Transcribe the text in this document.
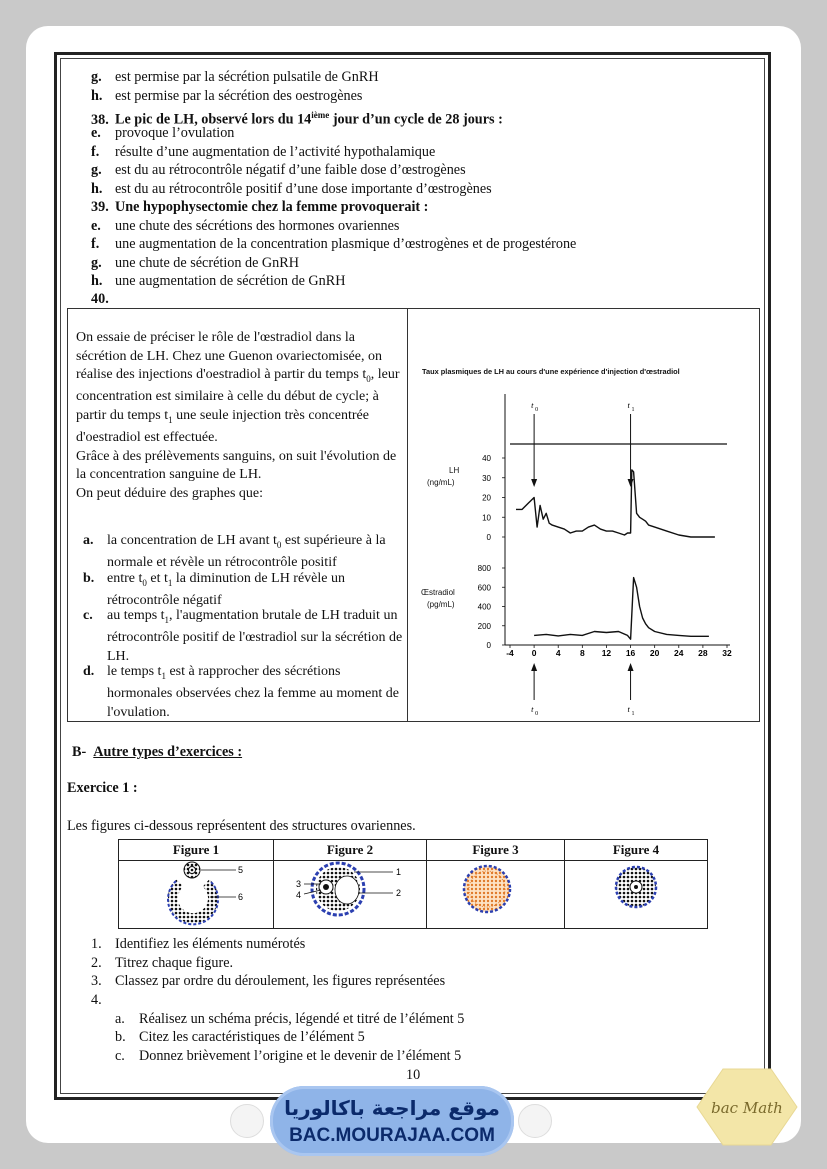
g. est permise par la sécrétion pulsatile de GnRH
h. est permise par la sécrétion des oestrogènes
38. Le pic de LH, observé lors du 14ième jour d’un cycle de 28 jours :
e. provoque l’ovulation
f. résulte d’une augmentation de l’activité hypothalamique
g. est du au rétrocontrôle négatif d’une faible dose d’œstrogènes
h. est du au rétrocontrôle positif d’une dose importante d’œstrogènes
39. Une hypophysectomie chez la femme provoquerait :
e. une chute des sécrétions des hormones ovariennes
f. une augmentation de la concentration plasmique d’œstrogènes et de progestérone
g. une chute de sécrétion de GnRH
h. une augmentation de sécrétion de GnRH
40.

On essaie de préciser le rôle de l'œstradiol dans la sécrétion de LH. Chez une Guenon ovariectomisée, on réalise des injections d'oestradiol à partir du temps $t_0$, leur concentration est similaire à celle du début de cycle; à partir du temps $t_1$ une seule injection très concentrée d'oestradiol est effectuée.

Grâce à des prélèvements sanguins, on suit l'évolution de la concentration sanguine de LH.

On peut déduire des graphes que:

a. la concentration de LH avant $t_0$ est supérieure à la normale et révèle un rétrocontrôle positif
b. entre $t_0$ et $t_1$ la diminution de LH révèle un rétrocontrôle négatif
c.	au temps $t_1$, l'augmentation brutale de LH traduit un rétrocontrôle positif de l'œstradiol sur la sécrétion de LH.
d. le temps $t_1$ est à rapprocher des sécrétions hormonales observées chez la femme au moment de l'ovulation.
Taux plasmiques de LH au cours d'une expérience d'injection d'œstradiol
LH
(ng/mL)
Œstradiol
(pg/mL)
40
30
20
10
0
800
600
400
200
0
-4 0 4 8 12 16 20 24 28 32
t 0
t 0
t 1
t 1
B- Autre types d’exercices :
Exercice 1 :
Les figures ci-dessous représentent des structures ovariennes.
Figure 1	Figure 2	Figure 3	Figure 4
5
6
1
2
3
4
1. Identifiez les éléments numérotés
2. Titrez chaque figure.
3. Classez par ordre du déroulement, les figures représentées
4.
a. Réalisez un schéma précis, légendé et titré de l’élément 5
b. Citez les caractéristiques de l’élément 5
c. Donnez brièvement l’origine et le devenir de l’élément 5
10
موقع مراجعة باكالوريا
BAC.MOURAJAA.COM
bac Math
